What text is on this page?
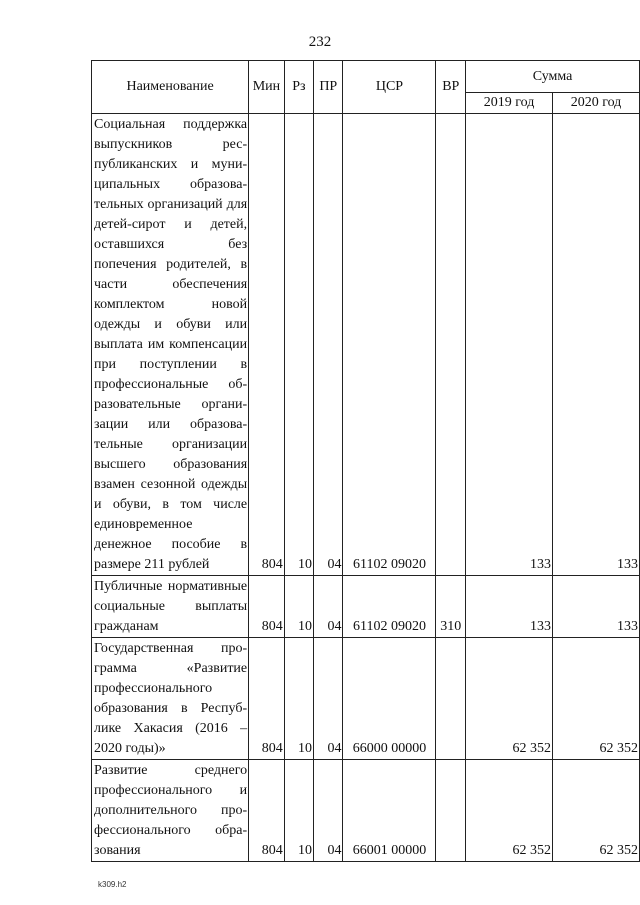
232
Наименование	Мин	Рз	ПР	ЦСР	ВР	Сумма	
						2019 год	2020 год
Социальная поддержка выпускников республиканских и муниципальных образовательных организаций для детей-сирот и детей, оставшихся без попечения родителей, в части обеспечения комплектом новой одежды и обуви или выплата им компенсации при поступлении в профессиональные образовательные организации или образовательные организации высшего образования взамен сезонной одежды и обуви, в том числе единовременное денежное пособие в размере 211 рублей	804	10	04	61102 09020		133	133
Публичные нормативные социальные выплаты гражданам	804	10	04	61102 09020	310	133	133
Государственная программа «Развитие профессионального образования в Республике Хакасия (2016 – 2020 годы)»	804	10	04	66000 00000		62 352	62 352
Развитие среднего профессионального и дополнительного профессионального образования	804	10	04	66001 00000		62 352	62 352
k309.h2
